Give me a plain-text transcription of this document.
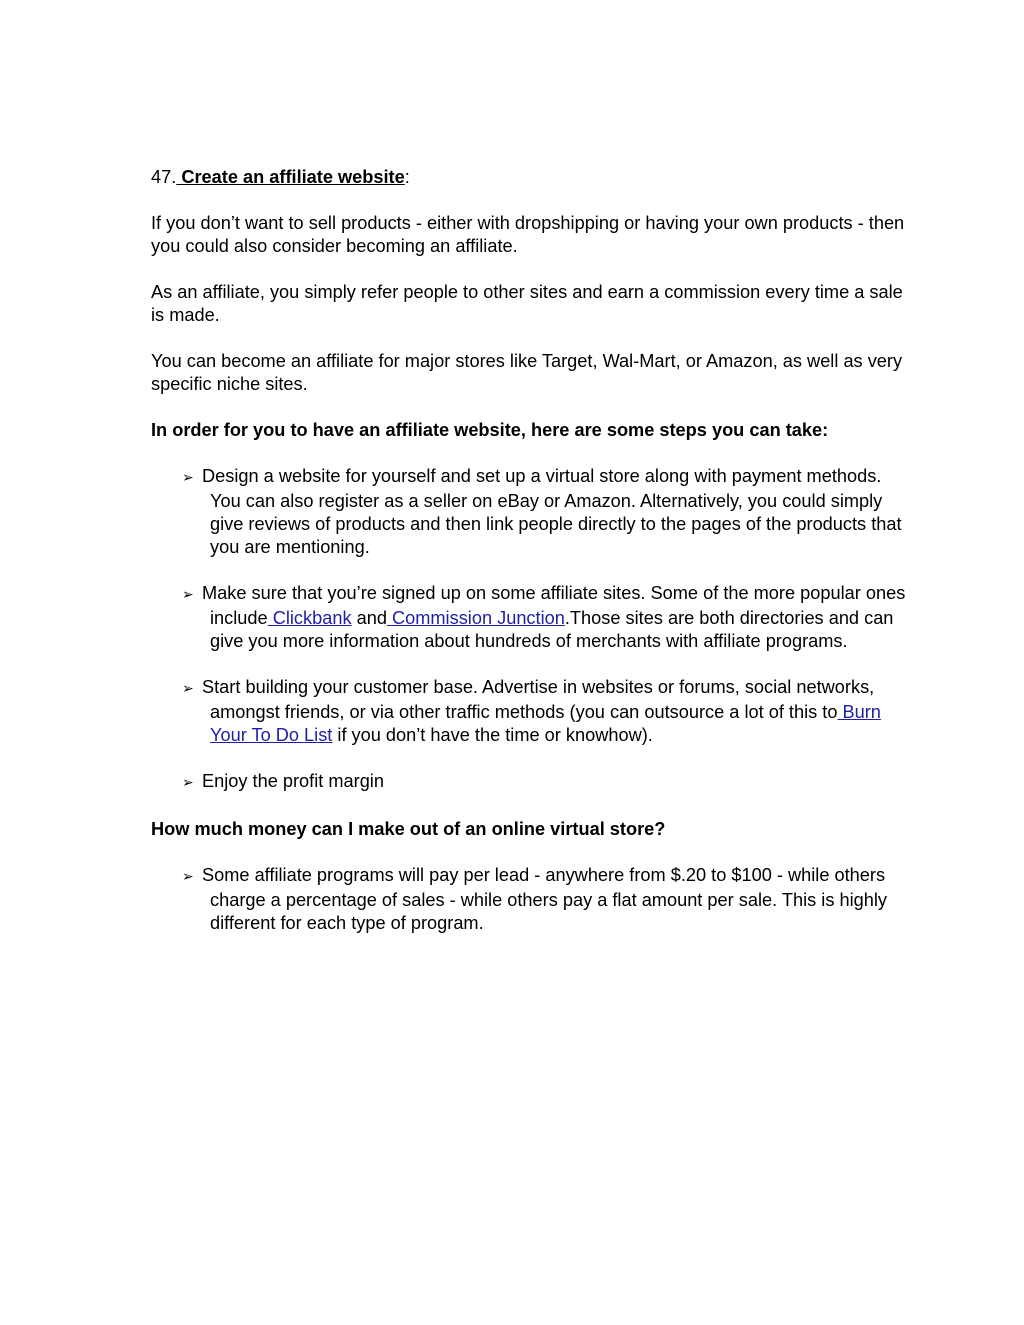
47. Create an affiliate website:

If you don’t want to sell products - either with dropshipping or having your own products - then you could also consider becoming an affiliate.

As an affiliate, you simply refer people to other sites and earn a commission every time a sale is made.

You can become an affiliate for major stores like Target, Wal-Mart, or Amazon, as well as very specific niche sites.

In order for you to have an affiliate website, here are some steps you can take:

➢ Design a website for yourself and set up a virtual store along with payment methods. You can also register as a seller on eBay or Amazon. Alternatively, you could simply give reviews of products and then link people directly to the pages of the products that you are mentioning.
➢ Make sure that you’re signed up on some affiliate sites. Some of the more popular ones include Clickbank and Commission Junction.Those sites are both directories and can give you more information about hundreds of merchants with affiliate programs.
➢ Start building your customer base. Advertise in websites or forums, social networks, amongst friends, or via other traffic methods (you can outsource a lot of this to Burn Your To Do List if you don’t have the time or knowhow).
➢ Enjoy the profit margin

How much money can I make out of an online virtual store?

➢ Some affiliate programs will pay per lead - anywhere from $.20 to $100 - while others charge a percentage of sales - while others pay a flat amount per sale. This is highly different for each type of program.
